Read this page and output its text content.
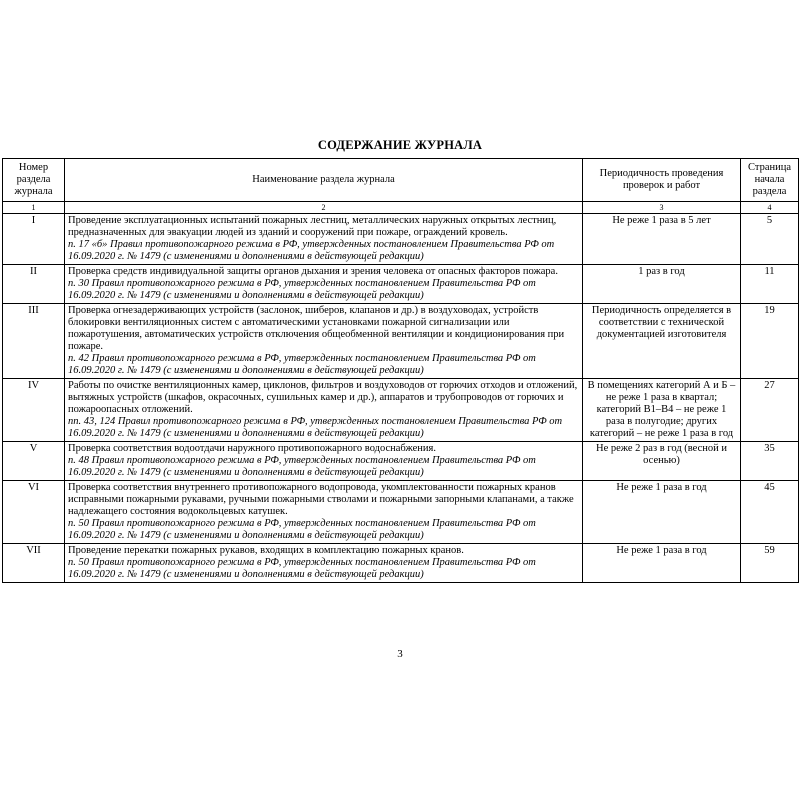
СОДЕРЖАНИЕ ЖУРНАЛА
Номер раздела журнала	Наименование раздела журнала	Периодичность проведения проверок и работ	Страница начала раздела
1	2	3	4
I	Проведение эксплуатационных испытаний пожарных лестниц, металлических наружных открытых лестниц, предназначенных для эвакуации людей из зданий и сооружений при пожаре, ограждений кровель.
п. 17 «б» Правил противопожарного режима в РФ, утвержденных постановлением Правительства РФ от 16.09.2020 г. № 1479 (с изменениями и дополнениями в действующей редакции)	Не реже 1 раза в 5 лет	5
II	Проверка средств индивидуальной защиты органов дыхания и зрения человека от опасных факторов пожара.
п. 30 Правил противопожарного режима в РФ, утвержденных постановлением Правительства РФ от 16.09.2020 г. № 1479 (с изменениями и дополнениями в действующей редакции)	1 раз в год	11
III	Проверка огнезадерживающих устройств (заслонок, шиберов, клапанов и др.) в воздуховодах, устройств блокировки вентиляционных систем с автоматическими установками пожарной сигнализации или пожаротушения, автоматических устройств отключения общеобменной вентиляции и кондиционирования при пожаре.
п. 42 Правил противопожарного режима в РФ, утвержденных постановлением Правительства РФ от 16.09.2020 г. № 1479 (с изменениями и дополнениями в действующей редакции)	Периодичность определяется в соответствии с технической документацией изготовителя	19
IV	Работы по очистке вентиляционных камер, циклонов, фильтров и воздуховодов от горючих отходов и отложений, вытяжных устройств (шкафов, окрасочных, сушильных камер и др.), аппаратов и трубопроводов от горючих и пожароопасных отложений.
пп. 43, 124 Правил противопожарного режима в РФ, утвержденных постановлением Правительства РФ от 16.09.2020 г. № 1479 (с изменениями и дополнениями в действующей редакции)	В помещениях категорий А и Б – не реже 1 раза в квартал; категорий В1–В4 – не реже 1 раза в полугодие; других категорий – не реже 1 раза в год	27
V	Проверка соответствия водоотдачи наружного противопожарного водоснабжения.
п. 48 Правил противопожарного режима в РФ, утвержденных постановлением Правительства РФ от 16.09.2020 г. № 1479 (с изменениями и дополнениями в действующей редакции)	Не реже 2 раз в год (весной и осенью)	35
VI	Проверка соответствия внутреннего противопожарного водопровода, укомплектованности пожарных кранов исправными пожарными рукавами, ручными пожарными стволами и пожарными запорными клапанами, а также надлежащего состояния водокольцевых катушек.
п. 50 Правил противопожарного режима в РФ, утвержденных постановлением Правительства РФ от 16.09.2020 г. № 1479 (с изменениями и дополнениями в действующей редакции)	Не реже 1 раза в год	45
VII	Проведение перекатки пожарных рукавов, входящих в комплектацию пожарных кранов.
п. 50 Правил противопожарного режима в РФ, утвержденных постановлением Правительства РФ от 16.09.2020 г. № 1479 (с изменениями и дополнениями в действующей редакции)	Не реже 1 раза в год	59
3
